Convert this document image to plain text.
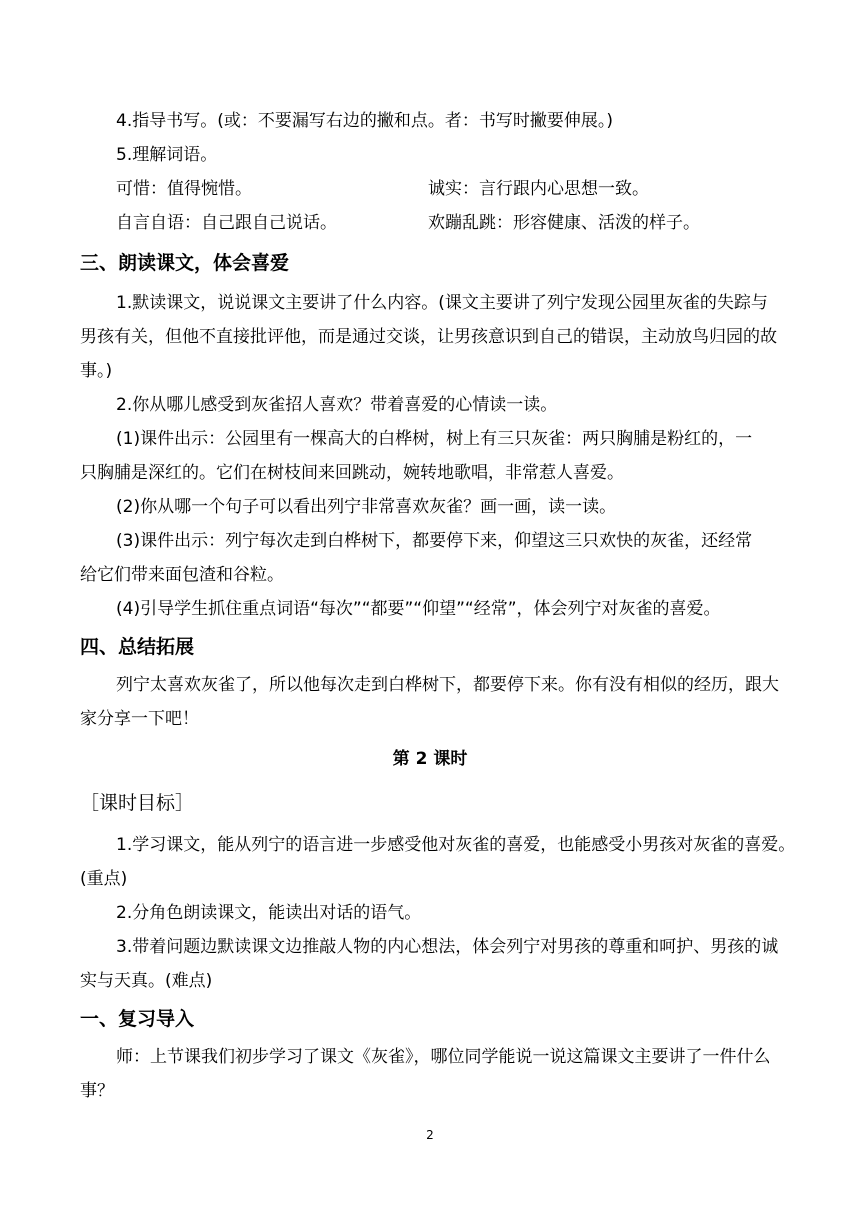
4.指导书写。(或：不要漏写右边的撇和点。者：书写时撇要伸展。)
5.理解词语。
可惜：值得惋惜。	诚实：言行跟内心思想一致。
自言自语：自己跟自己说话。	欢蹦乱跳：形容健康、活泼的样子。
三、朗读课文，体会喜爱
1.默读课文，说说课文主要讲了什么内容。(课文主要讲了列宁发现公园里灰雀的失踪与
男孩有关，但他不直接批评他，而是通过交谈，让男孩意识到自己的错误，主动放鸟归园的故
事。)
2.你从哪儿感受到灰雀招人喜欢？带着喜爱的心情读一读。
(1)课件出示：公园里有一棵高大的白桦树，树上有三只灰雀：两只胸脯是粉红的，一
只胸脯是深红的。它们在树枝间来回跳动，婉转地歌唱，非常惹人喜爱。
(2)你从哪一个句子可以看出列宁非常喜欢灰雀？画一画，读一读。
(3)课件出示：列宁每次走到白桦树下，都要停下来，仰望这三只欢快的灰雀，还经常
给它们带来面包渣和谷粒。
(4)引导学生抓住重点词语“每次”“都要”“仰望”“经常”，体会列宁对灰雀的喜爱。
四、总结拓展
列宁太喜欢灰雀了，所以他每次走到白桦树下，都要停下来。你有没有相似的经历，跟大
家分享一下吧！
第 2 课时
［课时目标］
1.学习课文，能从列宁的语言进一步感受他对灰雀的喜爱，也能感受小男孩对灰雀的喜爱。
(重点)
2.分角色朗读课文，能读出对话的语气。
3.带着问题边默读课文边推敲人物的内心想法，体会列宁对男孩的尊重和呵护、男孩的诚
实与天真。(难点)
一、复习导入
师：上节课我们初步学习了课文《灰雀》，哪位同学能说一说这篇课文主要讲了一件什么
事？
2
